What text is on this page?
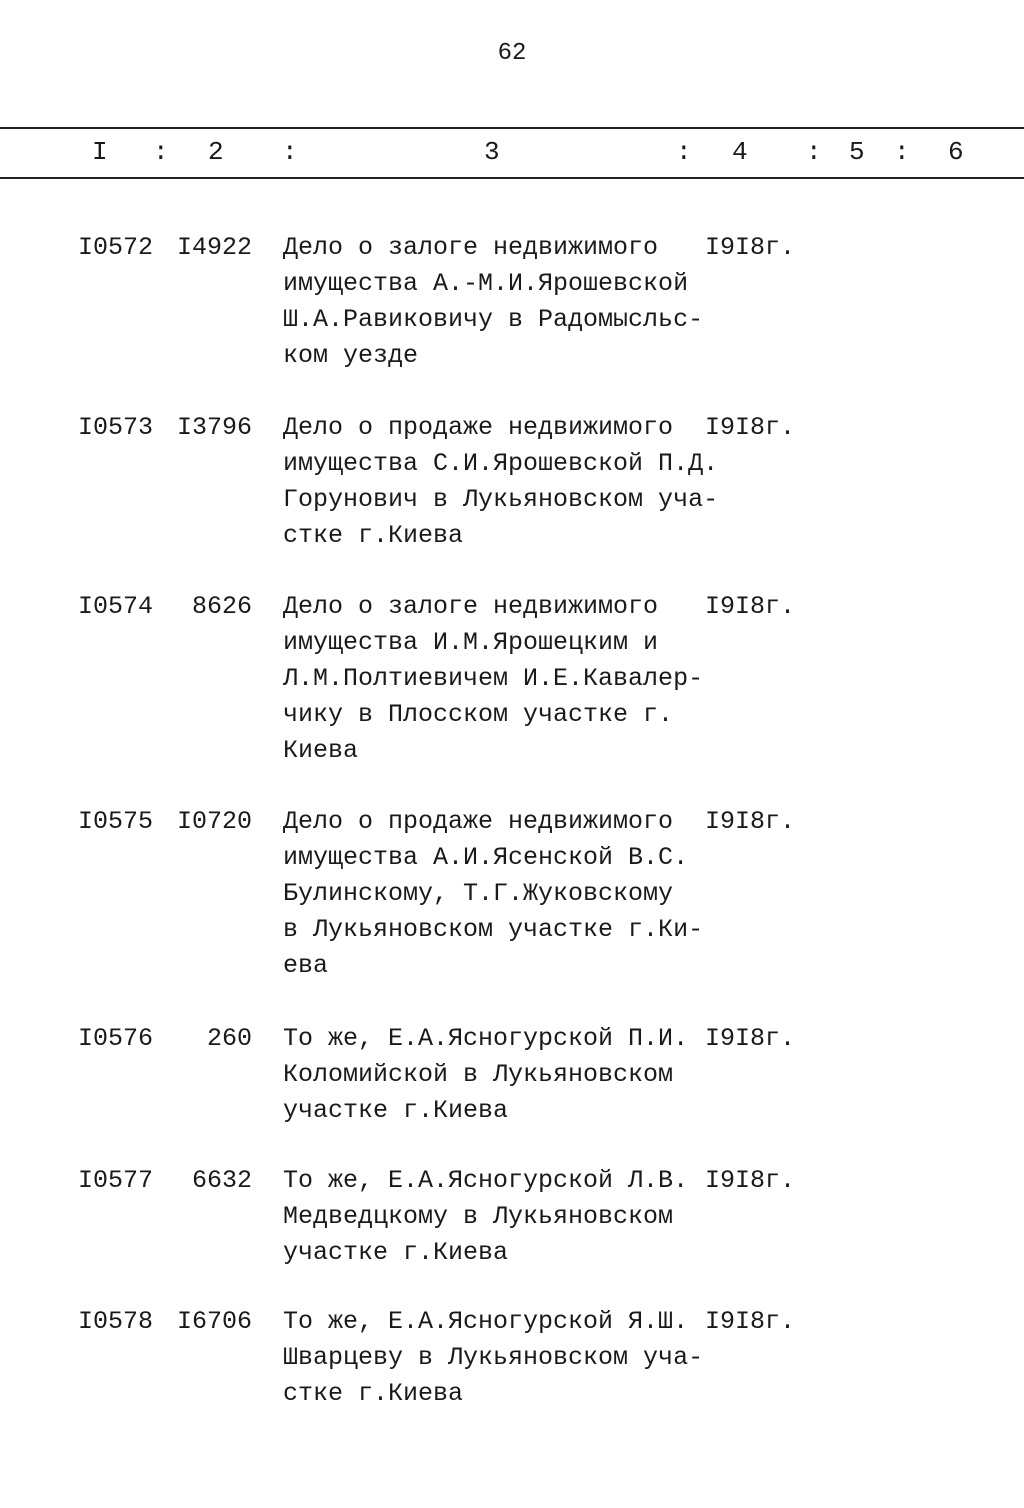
62
I : 2 :	3	: 4 : 5 : 6
I0572 I4922 Дело о залоге недвижимого
имущества А.-М.И.Ярошевской
Ш.А.Равиковичу в Радомысльс-
ком уезде
I9I8г.
I0573 I3796 Дело о продаже недвижимого
имущества С.И.Ярошевской П.Д.
Горунович в Лукьяновском уча-
стке г.Киева
I9I8г.
I0574 8626 Дело о залоге недвижимого
имущества И.М.Ярошецким и
Л.М.Полтиевичем И.Е.Кавалер-
чику в Плосском участке г.
Киева
I9I8г.
I0575 I0720 Дело о продаже недвижимого
имущества А.И.Ясенской В.С.
Булинскому, Т.Г.Жуковскому
в Лукьяновском участке г.Ки-
ева
I9I8г.
I0576 260 То же, Е.А.Ясногурской П.И.
Коломийской в Лукьяновском
участке г.Киева
I9I8г.
I0577 6632 То же, Е.А.Ясногурской Л.В.
Медведцкому в Лукьяновском
участке г.Киева
I9I8г.
I0578 I6706 То же, Е.А.Ясногурской Я.Ш.
Шварцеву в Лукьяновском уча-
стке г.Киева
I9I8г.
